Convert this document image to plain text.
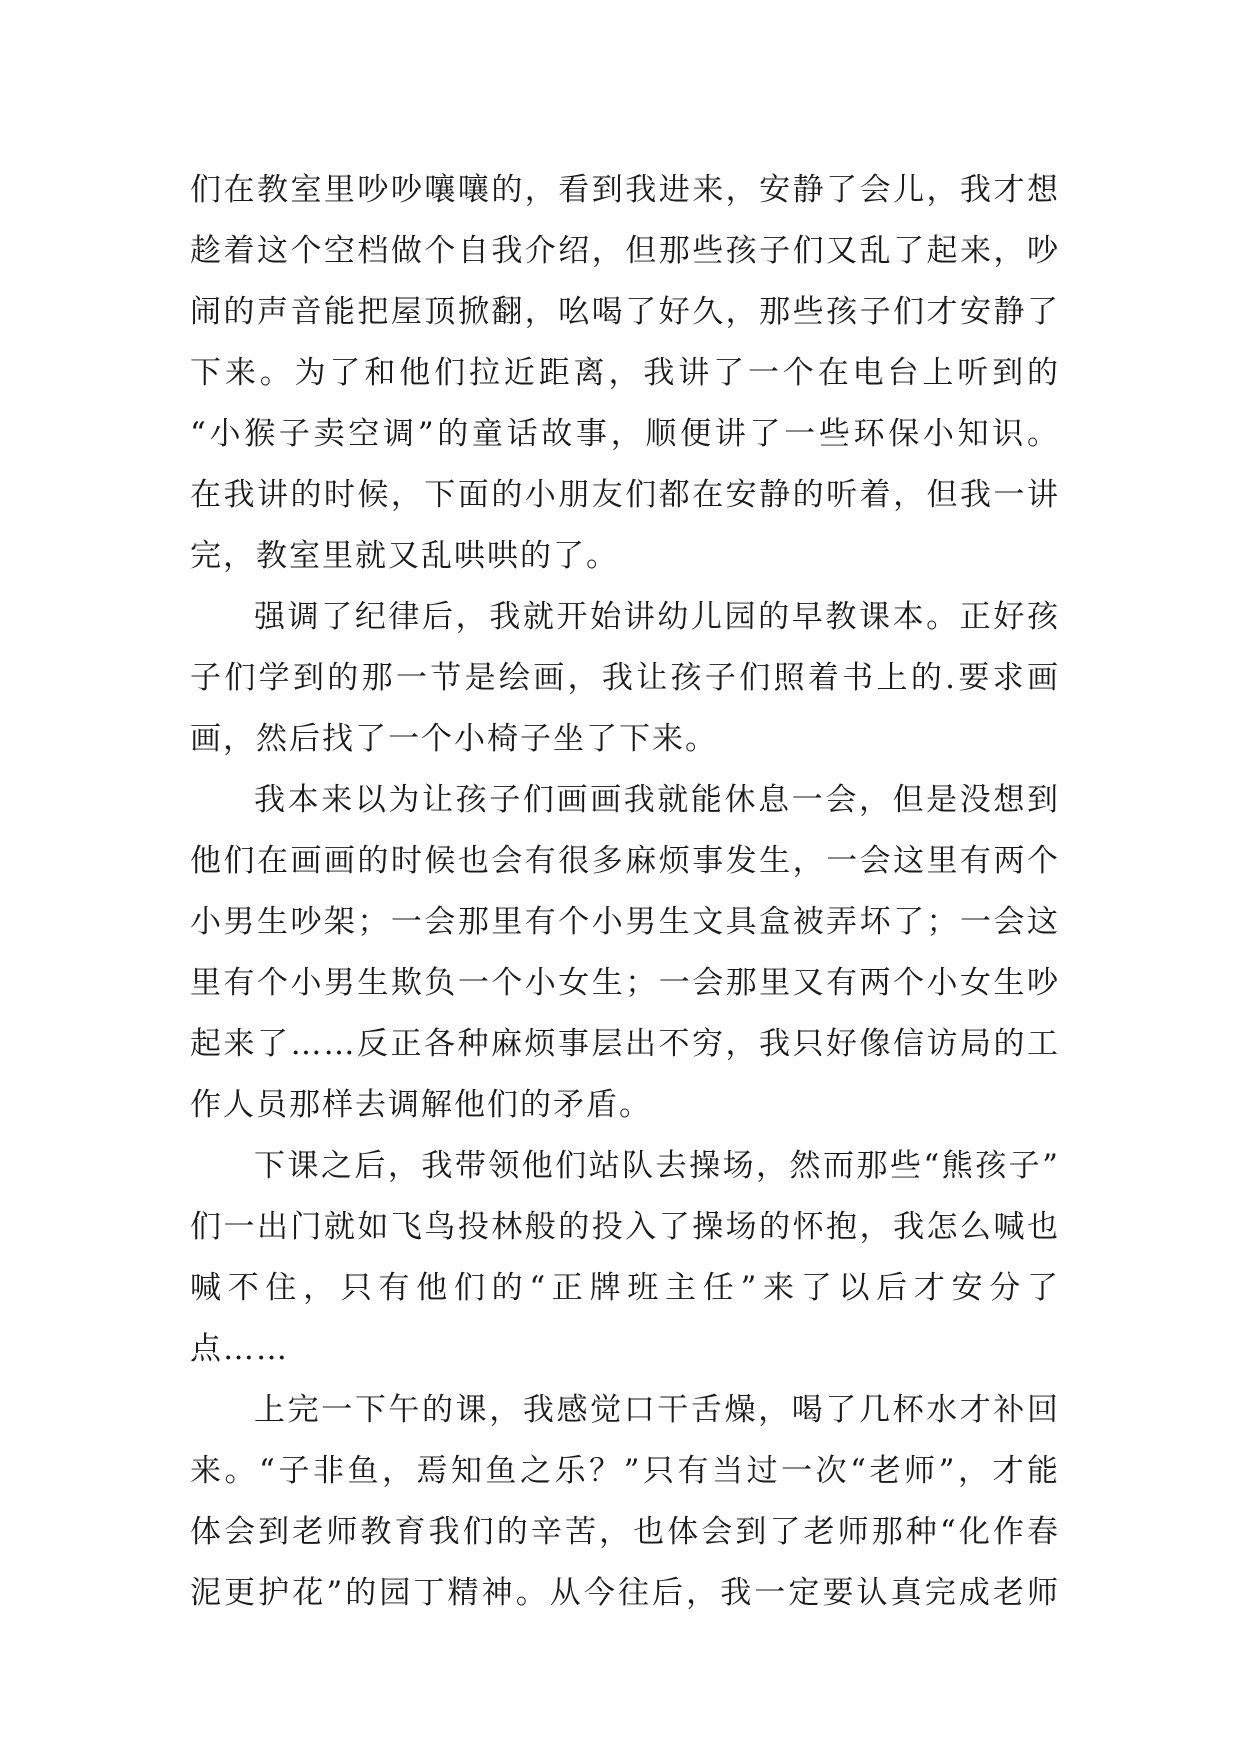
们在教室里吵吵嚷嚷的，看到我进来，安静了会儿，我才想
趁着这个空档做个自我介绍，但那些孩子们又乱了起来，吵
闹的声音能把屋顶掀翻，吆喝了好久，那些孩子们才安静了
下来。为了和他们拉近距离，我讲了一个在电台上听到的
“小猴子卖空调”的童话故事，顺便讲了一些环保小知识。
在我讲的时候，下面的小朋友们都在安静的听着，但我一讲
完，教室里就又乱哄哄的了。
强调了纪律后，我就开始讲幼儿园的早教课本。正好孩
子们学到的那一节是绘画，我让孩子们照着书上的.要求画
画，然后找了一个小椅子坐了下来。
我本来以为让孩子们画画我就能休息一会，但是没想到
他们在画画的时候也会有很多麻烦事发生，一会这里有两个
小男生吵架；一会那里有个小男生文具盒被弄坏了；一会这
里有个小男生欺负一个小女生；一会那里又有两个小女生吵
起来了……反正各种麻烦事层出不穷，我只好像信访局的工
作人员那样去调解他们的矛盾。
下课之后，我带领他们站队去操场，然而那些“熊孩子”
们一出门就如飞鸟投林般的投入了操场的怀抱，我怎么喊也
喊不住，只有他们的“正牌班主任”来了以后才安分了
点……
上完一下午的课，我感觉口干舌燥，喝了几杯水才补回
来。“子非鱼，焉知鱼之乐？”只有当过一次“老师”，才能
体会到老师教育我们的辛苦，也体会到了老师那种“化作春
泥更护花”的园丁精神。从今往后，我一定要认真完成老师
